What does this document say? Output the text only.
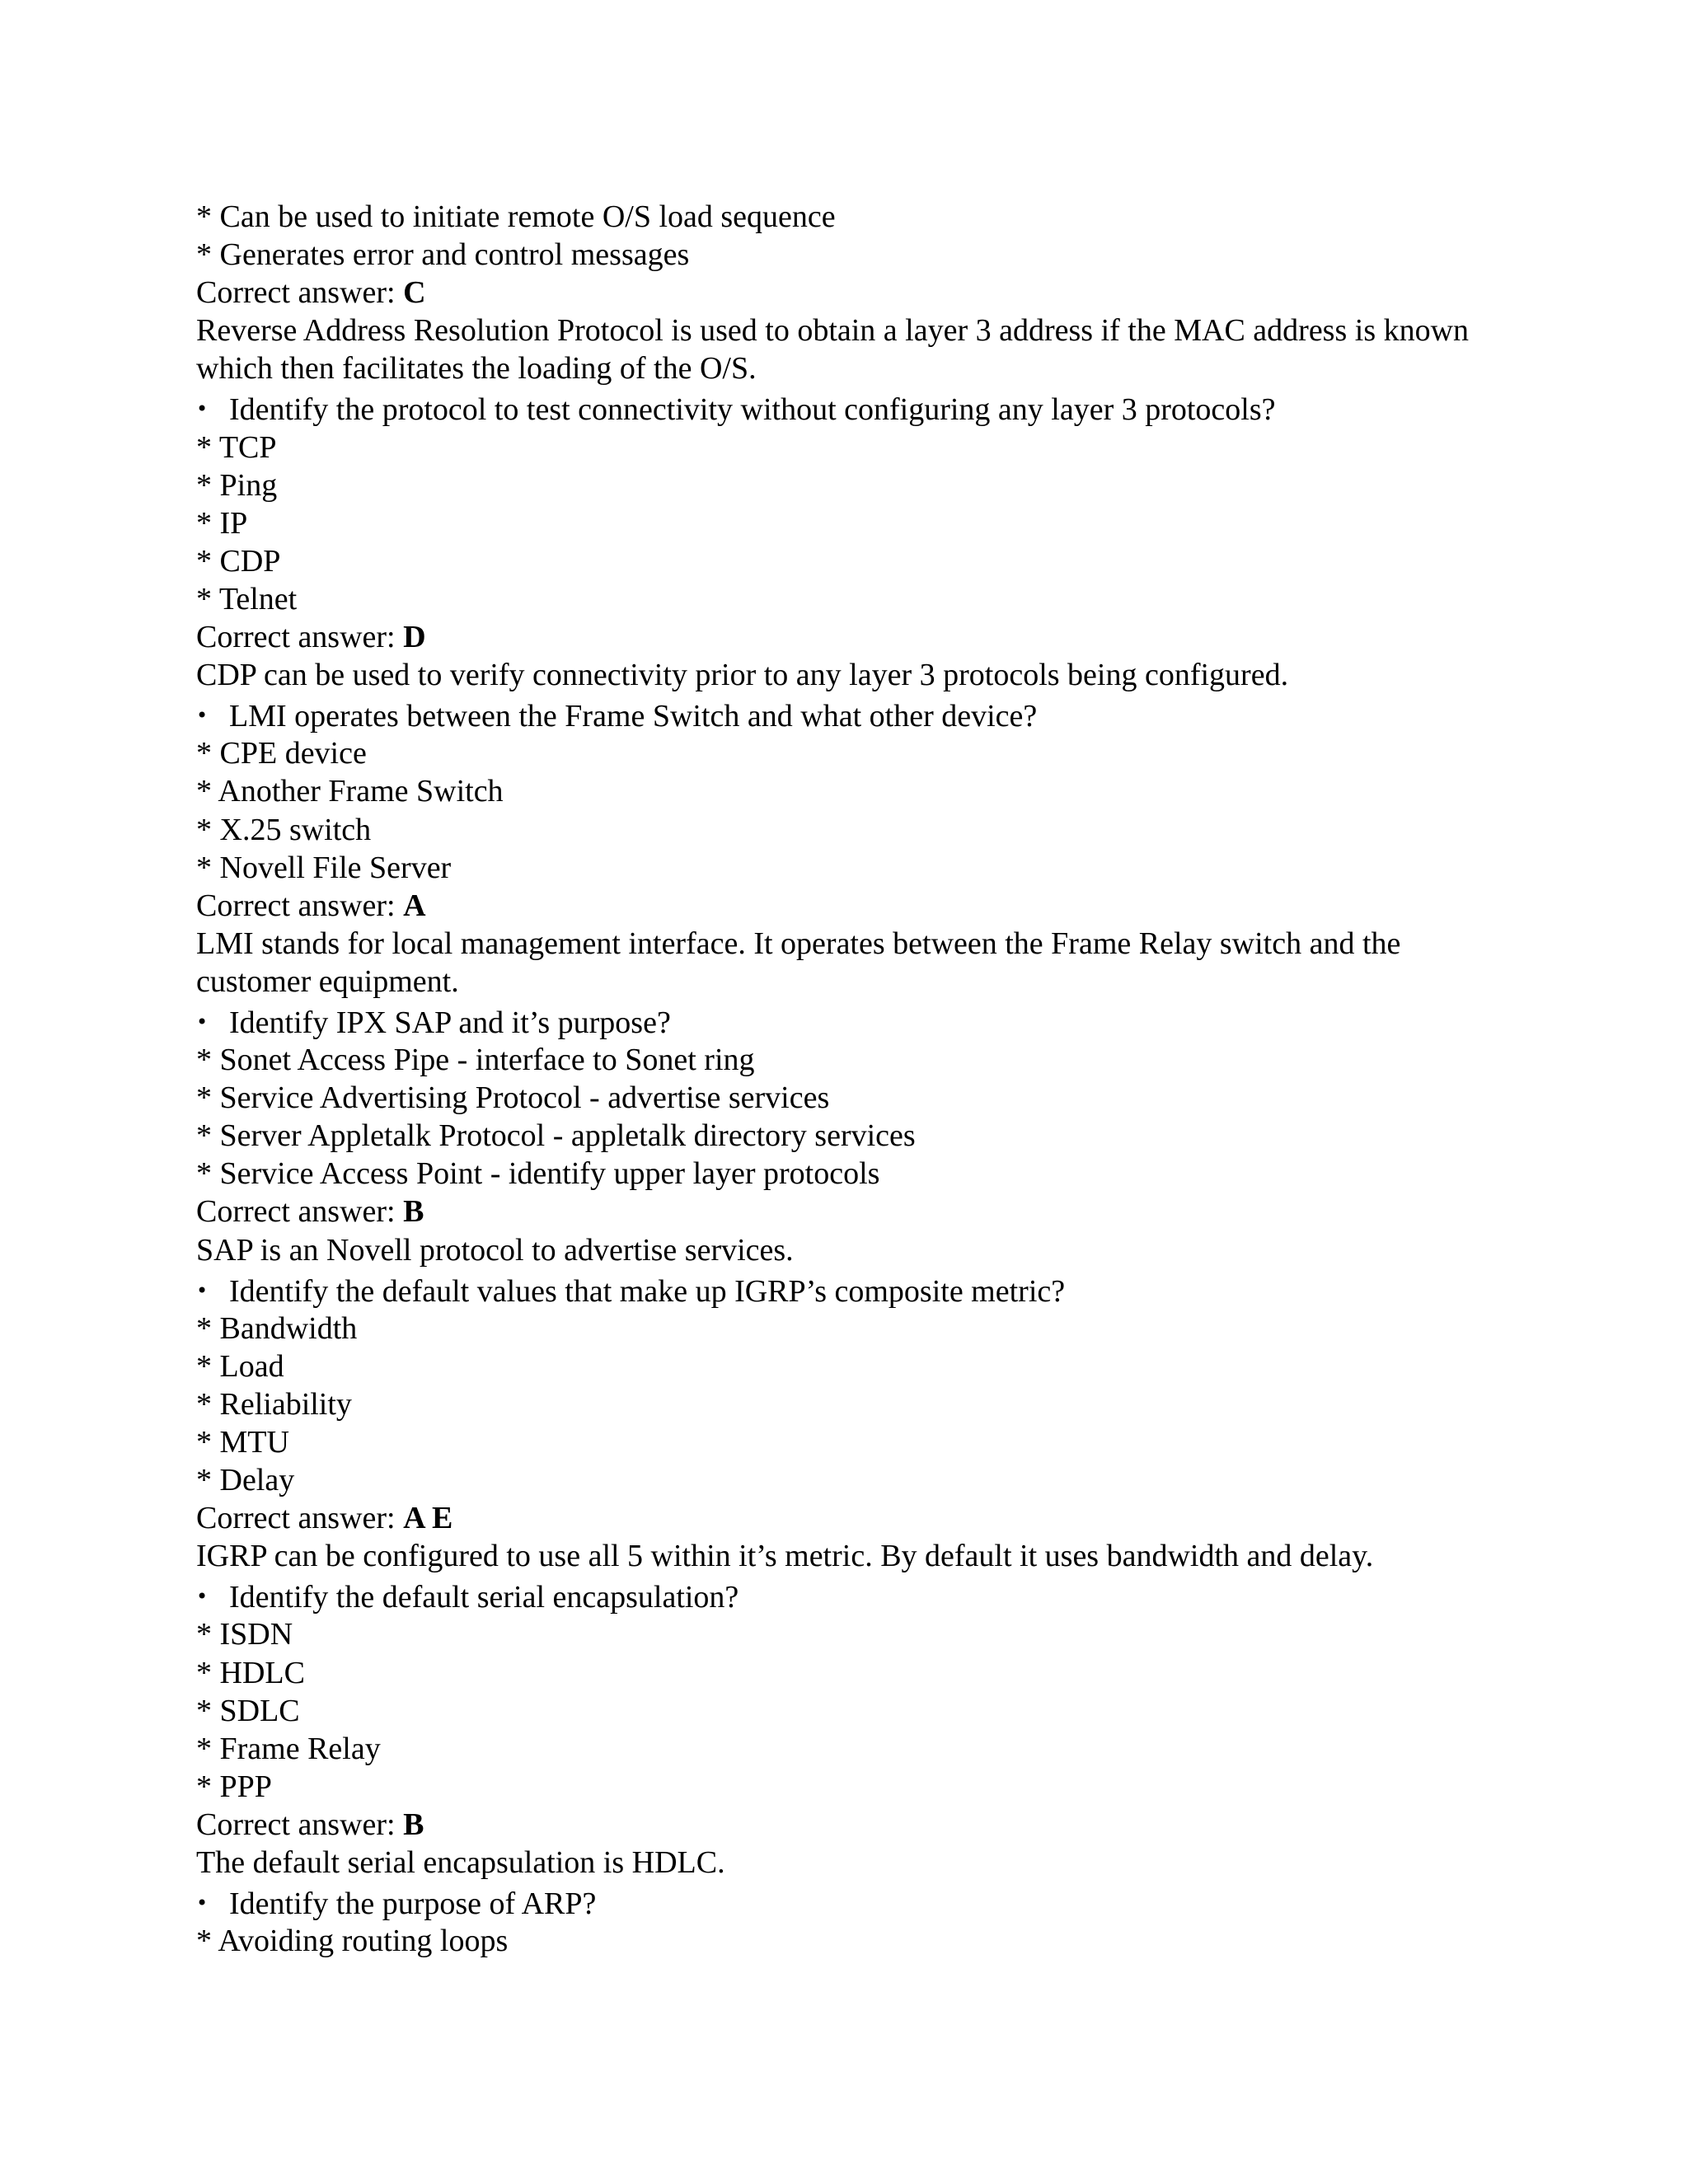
* Can be used to initiate remote O/S load sequence
* Generates error and control messages
Correct answer: C
Reverse Address Resolution Protocol is used to obtain a layer 3 address if the MAC address is known which then facilitates the loading of the O/S.
• Identify the protocol to test connectivity without configuring any layer 3 protocols?
* TCP
* Ping
* IP
* CDP
* Telnet
Correct answer: D
CDP can be used to verify connectivity prior to any layer 3 protocols being configured.
• LMI operates between the Frame Switch and what other device?
* CPE device
* Another Frame Switch
* X.25 switch
* Novell File Server
Correct answer: A
LMI stands for local management interface. It operates between the Frame Relay switch and the customer equipment.
• Identify IPX SAP and it’s purpose?
* Sonet Access Pipe - interface to Sonet ring
* Service Advertising Protocol - advertise services
* Server Appletalk Protocol - appletalk directory services
* Service Access Point - identify upper layer protocols
Correct answer: B
SAP is an Novell protocol to advertise services.
• Identify the default values that make up IGRP’s composite metric?
* Bandwidth
* Load
* Reliability
* MTU
* Delay
Correct answer: A E
IGRP can be configured to use all 5 within it’s metric. By default it uses bandwidth and delay.
• Identify the default serial encapsulation?
* ISDN
* HDLC
* SDLC
* Frame Relay
* PPP
Correct answer: B
The default serial encapsulation is HDLC.
• Identify the purpose of ARP?
* Avoiding routing loops
